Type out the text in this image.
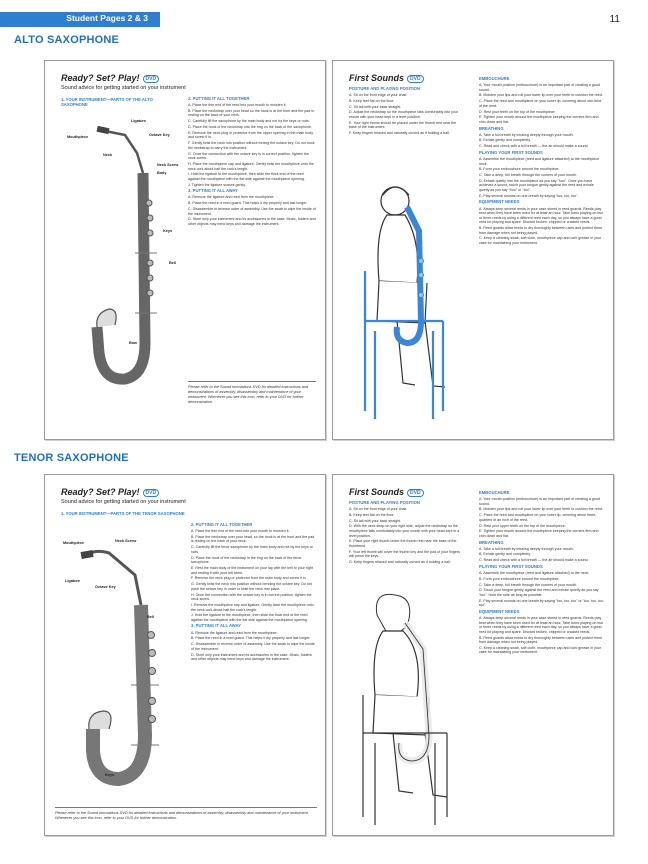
Student Pages 2 & 3	11
ALTO SAXOPHONE
Ready? Set? Play! DVD
Sound advice for getting started on your instrument
1. YOUR INSTRUMENT—PARTS OF THE ALTO SAXOPHONE
Ligature
Mouthpiece	Octave Key
Neck
Neck Screw
Body
Keys
Bell
Bow

2. PUTTING IT ALL TOGETHER

A. Place the thin end of the reed into your mouth to moisten it.

B. Place the neckstrap over your head so the hook is at the front and the pad is resting on the back of your neck.

C. Carefully lift the saxophone by the main body and not by the keys or rods.

D. Place the hook of the neckstrap into the ring on the back of the saxophone.

E. Remove the neck plug or protector from the upper opening in the main body and screw it in.

F. Gently twist the neck into position without forcing the octave key. Do not hook the neckstrap to carry the instrument.

G. Once the connection with the octave key is in correct position, tighten the neck screw.

H. Place the mouthpiece cap and ligature. Gently twist the mouthpiece onto the neck cork about half the cork's length.

I. Hold the ligature to the mouthpiece, then slide the thick end of the reed against the mouthpiece with the flat side against the mouthpiece opening.

J. Tighten the ligature screws gently.

3. PUTTING IT ALL AWAY

A. Remove the ligature and reed from the mouthpiece.

B. Place the reed in a reed guard. This helps it dry properly and last longer.

C. Disassemble in reverse order of assembly. Use the swab to wipe the inside of the instrument.

D. Store only your instrument and its accessories in the case. Music, folders and other objects may bend keys and damage the instrument.

Please refer to the Sound Innovations DVD for detailed instructions and demonstrations of assembly, disassembly and maintenance of your instrument. Whenever you see this icon, refer to your DVD for further demonstration.
First Sounds DVD

POSTURE AND PLAYING POSITION

A. Sit on the front edge of your chair.

B. Keep feet flat on the floor.

C. Sit tall with your back straight.

D. Adjust the neckstrap so the mouthpiece falls comfortably into your mouth with your head kept in a level position.

E. Your right thumb should be placed under the thumb rest near the base of the instrument.

F. Keep fingers relaxed and naturally curved as if holding a ball.

EMBOUCHURE

A. Your mouth position (embouchure) is an important part of creating a good sound.

B. Moisten your lips and roll your lower lip over your teeth to cushion the reed.

C. Place the reed and mouthpiece on your lower lip, covering about one-third of the reed.

D. Rest your teeth on the top of the mouthpiece.

E. Tighten your mouth around the mouthpiece keeping the corners firm and chin down and flat.

BREATHING

A. Take a full breath by inhaling deeply through your mouth.

B. Exhale gently and completely.

C. Read and check with a full breath — the air should make a sound.

PLAYING YOUR FIRST SOUNDS

A. Assemble the mouthpiece (reed and ligature attached) to the mouthpiece neck.

B. Form your embouchure around the mouthpiece.

C. Take a deep, full breath through the corners of your mouth.

D. Exhale quietly into the mouthpiece as you say "hoo". Once you have achieved a sound, touch your tongue gently against the reed and exhale quietly as you say "hoo" or "too".

E. Play several sounds on one breath by saying "too, too, too".

EQUIPMENT NEEDS

A. Always keep several reeds in your case stored in reed guards. Reeds play best when they have been used for at least an hour. Take turns playing on two or three reeds by using a different reed each day, so you always have a good reed for playing and spare. Discard broken, chipped or cracked reeds.

B. Reed guards allow reeds to dry thoroughly between uses and protect them from damage when not being played.

C. Keep a cleaning swab, soft cloth, mouthpiece cap and cork grease in your case for maintaining your instrument.

TENOR SAXOPHONE
Ready? Set? Play! DVD
Sound advice for getting started on your instrument
1. YOUR INSTRUMENT—PARTS OF THE TENOR SAXOPHONE
Mouthpiece	Neck Screw
Ligature
Octave Key
Bell
Keys

2. PUTTING IT ALL TOGETHER

A. Place the thin end of the reed into your mouth to moisten it.

B. Place the neckstrap over your head, so the hook is at the front and the pad is resting on the back of your neck.

C. Carefully lift the tenor saxophone by the main body and not by the keys or rods.

D. Place the hook of the neckstrap in the ring on the back of the tenor saxophone.

E. Rest the main body of the instrument on your lap with the bell to your right and resting it with your left hand.

F. Remove the neck plug or protector from the main body and screw it in.

G. Gently twist the neck into position without bending the octave key. Do not push the octave key in order to twist the neck into place.

H. Once the connection with the octave key is in correct position, tighten the neck screw.

I. Remove the mouthpiece cap and ligature. Gently twist the mouthpiece onto the neck cork about half the cork's length.

J. Hold the ligature to the mouthpiece, then slide the thick end of the reed against the mouthpiece with the flat side against the mouthpiece opening.

3. PUTTING IT ALL AWAY

A. Remove the ligature and reed from the mouthpiece.

B. Place the reed in a reed guard. This helps it dry properly and last longer.

C. Disassemble in reverse order of assembly. Use the swab to wipe the inside of the instrument.

D. Store only your instrument and its accessories in the case. Music, folders and other objects may bend keys and damage the instrument.

Please refer to the Sound Innovations DVD for detailed instructions and demonstrations of assembly, disassembly and maintenance of your instrument. Whenever you see this icon, refer to your DVD for further demonstration.
First Sounds DVD

POSTURE AND PLAYING POSITION

A. Sit on the front edge of your chair.

B. Keep feet flat on the floor.

C. Sit tall with your back straight.

D. With the neck strap on your right side, adjust the neckstrap so the mouthpiece falls comfortably into your mouth with your head kept in a level position.

E. Place your right thumb under the thumb rest near the base of the thumbrest.

F. Your left thumb will cover the thumb key and the pad of your fingers will press the keys.

G. Keep fingers relaxed and naturally curved as if holding a ball.

EMBOUCHURE

A. Your mouth position (embouchure) is an important part of creating a good sound.

B. Moisten your lips and roll your lower lip over your teeth to cushion the reed.

C. Place the reed and mouthpiece on your lower lip, covering about three-quarters of an inch of the reed.

D. Rest your upper teeth on the top of the mouthpiece.

E. Tighten your mouth around the mouthpiece keeping the corners firm and chin down and flat.

BREATHING

A. Take a full breath by inhaling deeply through your mouth.

B. Exhale gently and completely.

C. Read and check with a full breath — the air should make a sound.

PLAYING YOUR FIRST SOUNDS

A. Assemble the mouthpiece (reed and ligature attached) to the neck.

B. Form your embouchure around the mouthpiece.

C. Take a deep, full breath through the corners of your mouth.

D. Touch your tongue gently against the reed and exhale quietly as you say "too". Hold the note as long as possible.

E. Play several sounds on one breath by saying "too, too, too" or "too, too, too, too".

EQUIPMENT NEEDS

A. Always keep several reeds in your case stored in reed guards. Reeds play best when they have been used for at least an hour. Take turns playing on two or three reeds by using a different reed each day, so you always have a good reed for playing and spare. Discard broken, chipped or cracked reeds.

B. Reed guards allow reeds to dry thoroughly between uses and protect them from damage when not being played.

C. Keep a cleaning swab, soft cloth, mouthpiece cap and cork grease in your case for maintaining your instrument.
